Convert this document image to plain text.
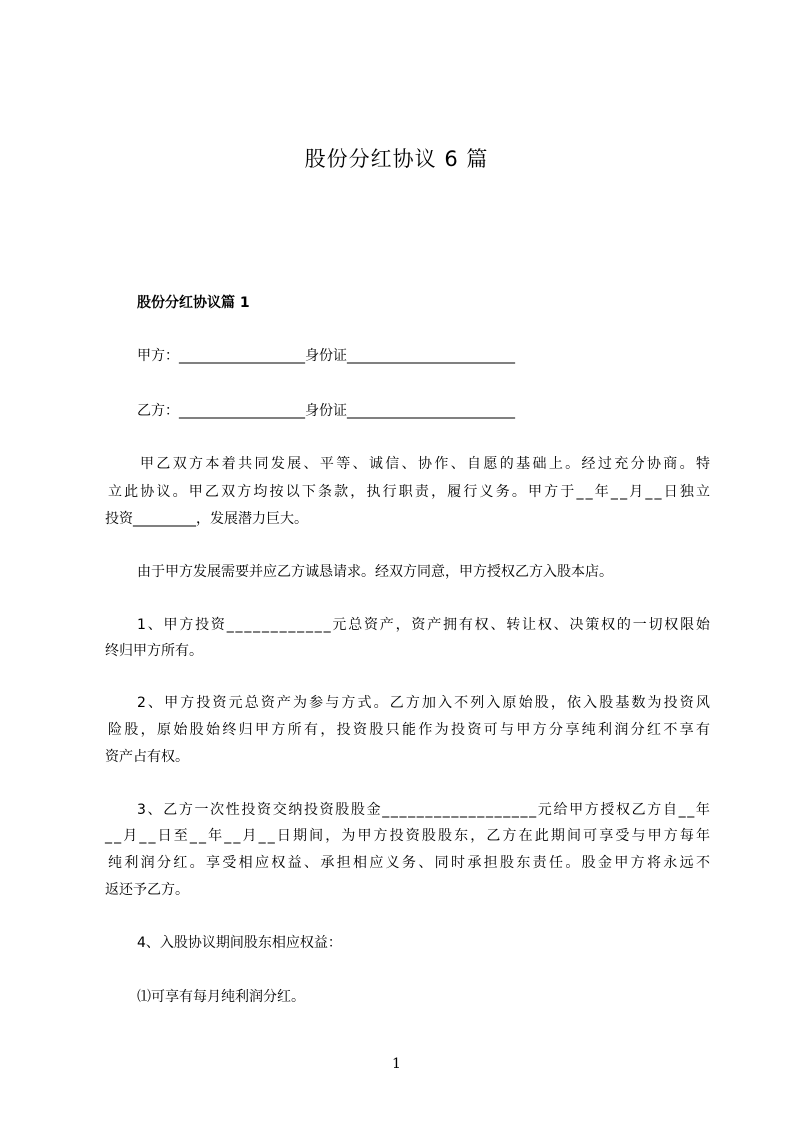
股份分红协议 6 篇
股份分红协议篇 1
甲方：__________________身份证________________________
乙方：__________________身份证________________________
甲乙双方本着共同发展、平等、诚信、协作、自愿的基础上。经过充分协商。特
立此协议。甲乙双方均按以下条款，执行职责，履行义务。甲方于__年__月__日独立
投资_________，发展潜力巨大。
由于甲方发展需要并应乙方诚恳请求。经双方同意，甲方授权乙方入股本店。
1、甲方投资____________元总资产，资产拥有权、转让权、决策权的一切权限始
终归甲方所有。
2、甲方投资元总资产为参与方式。乙方加入不列入原始股，依入股基数为投资风
险股，原始股始终归甲方所有，投资股只能作为投资可与甲方分享纯利润分红不享有
资产占有权。
3、乙方一次性投资交纳投资股股金__________________元给甲方授权乙方自__年
__月__日至__年__月__日期间，为甲方投资股股东，乙方在此期间可享受与甲方每年
纯利润分红。享受相应权益、承担相应义务、同时承担股东责任。股金甲方将永远不
返还予乙方。
4、入股协议期间股东相应权益：
⑴可享有每月纯利润分红。
1
